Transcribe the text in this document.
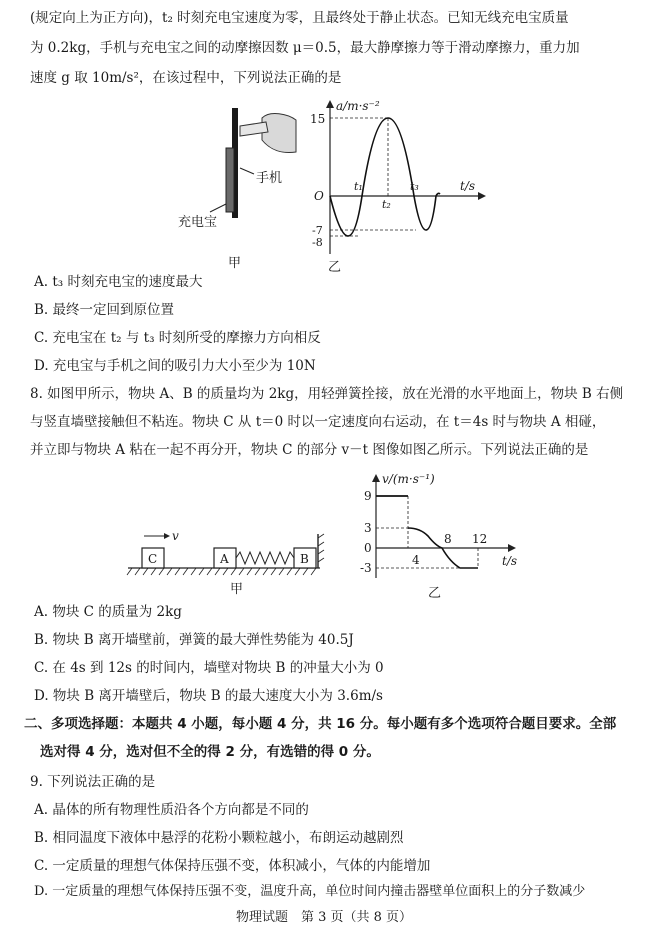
(规定向上为正方向)，t₂ 时刻充电宝速度为零，且最终处于静止状态。已知无线充电宝质量
为 0.2kg，手机与充电宝之间的动摩擦因数 μ＝0.5，最大静摩擦力等于滑动摩擦力，重力加
速度 g 取 10m/s²，在该过程中，下列说法正确的是
手机
充电宝
甲
a/m·s⁻²
t/s
O
15
-7
-8
t₁
t₂
t₃
乙
A. t₃ 时刻充电宝的速度最大
B. 最终一定回到原位置
C. 充电宝在 t₂ 与 t₃ 时刻所受的摩擦力方向相反
D. 充电宝与手机之间的吸引力大小至少为 10N
8. 如图甲所示，物块 A、B 的质量均为 2kg，用轻弹簧拴接，放在光滑的水平地面上，物块 B 右侧
与竖直墙壁接触但不粘连。物块 C 从 t＝0 时以一定速度向右运动，在 t＝4s 时与物块 A 相碰，
并立即与物块 A 粘在一起不再分开，物块 C 的部分 v－t 图像如图乙所示。下列说法正确的是
C
v
A	B
甲
v/(m·s⁻¹)
t/s
9
3
0
-3
4
8 12
乙
A. 物块 C 的质量为 2kg
B. 物块 B 离开墙壁前，弹簧的最大弹性势能为 40.5J
C. 在 4s 到 12s 的时间内，墙壁对物块 B 的冲量大小为 0
D. 物块 B 离开墙壁后，物块 B 的最大速度大小为 3.6m/s
二、多项选择题：本题共 4 小题，每小题 4 分，共 16 分。每小题有多个选项符合题目要求。全部
选对得 4 分，选对但不全的得 2 分，有选错的得 0 分。
9. 下列说法正确的是
A. 晶体的所有物理性质沿各个方向都是不同的
B. 相同温度下液体中悬浮的花粉小颗粒越小，布朗运动越剧烈
C. 一定质量的理想气体保持压强不变，体积减小，气体的内能增加
D. 一定质量的理想气体保持压强不变，温度升高，单位时间内撞击器壁单位面积上的分子数减少
物理试题　第 3 页（共 8 页）
